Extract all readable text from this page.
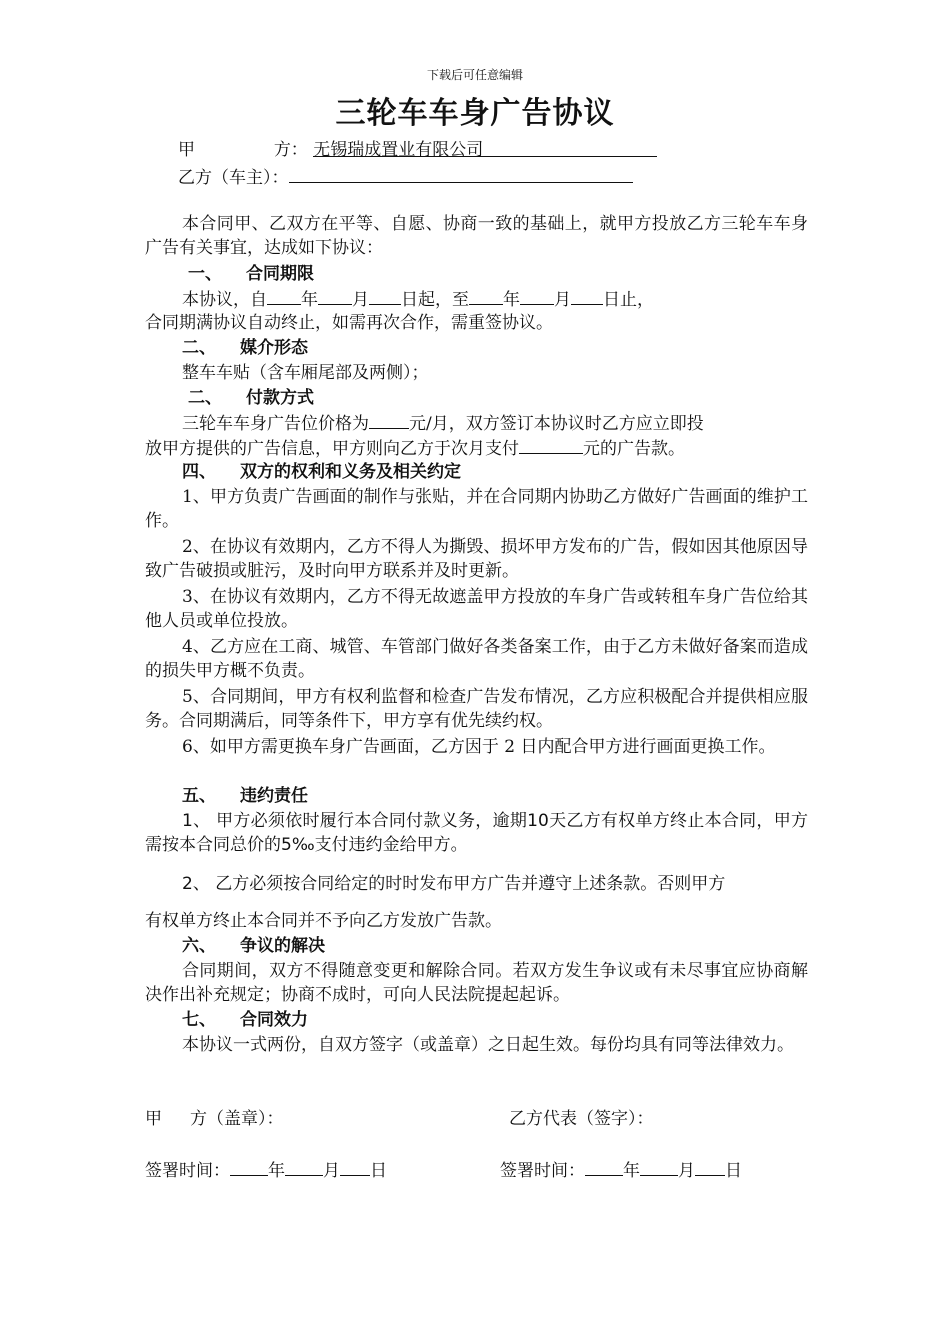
下载后可任意编辑
三轮车车身广告协议
甲	方： 无锡瑞成置业有限公司
乙方（车主）：
本合同甲、乙双方在平等、自愿、协商一致的基础上，就甲方投放乙方三轮车车身广告有关事宜，达成如下协议：
一、 合同期限
本协议，自 年 月 日起，至 年 月 日止，
合同期满协议自动终止，如需再次合作，需重签协议。
二、 媒介形态
整车车贴（含车厢尾部及两侧）；
二、 付款方式
三轮车车身广告位价格为 元/月，双方签订本协议时乙方应立即投
放甲方提供的广告信息，甲方则向乙方于次月支付	元的广告款。
四、 双方的权利和义务及相关约定
1、甲方负责广告画面的制作与张贴，并在合同期内协助乙方做好广告画面的维护工作。
2、在协议有效期内，乙方不得人为撕毁、损坏甲方发布的广告，假如因其他原因导致广告破损或脏污，及时向甲方联系并及时更新。
3、在协议有效期内，乙方不得无故遮盖甲方投放的车身广告或转租车身广告位给其他人员或单位投放。
4、乙方应在工商、城管、车管部门做好各类备案工作，由于乙方未做好备案而造成的损失甲方概不负责。
5、合同期间，甲方有权利监督和检查广告发布情况，乙方应积极配合并提供相应服务。合同期满后，同等条件下，甲方享有优先续约权。
6、如甲方需更换车身广告画面，乙方因于 2 日内配合甲方进行画面更换工作。
五、 违约责任
1、 甲方必须依时履行本合同付款义务，逾期10天乙方有权单方终止本合同，甲方需按本合同总价的5‰支付违约金给甲方。
2、 乙方必须按合同给定的时时发布甲方广告并遵守上述条款。否则甲方
有权单方终止本合同并不予向乙方发放广告款。
六、 争议的解决
合同期间，双方不得随意变更和解除合同。若双方发生争议或有未尽事宜应协商解决作出补充规定；协商不成时，可向人民法院提起起诉。
七、 合同效力
本协议一式两份，自双方签字（或盖章）之日起生效。每份均具有同等法律效力。
甲 方（盖章）：	乙方代表（签字）：
签署时间： 年 月 日	签署时间： 年 月 日
